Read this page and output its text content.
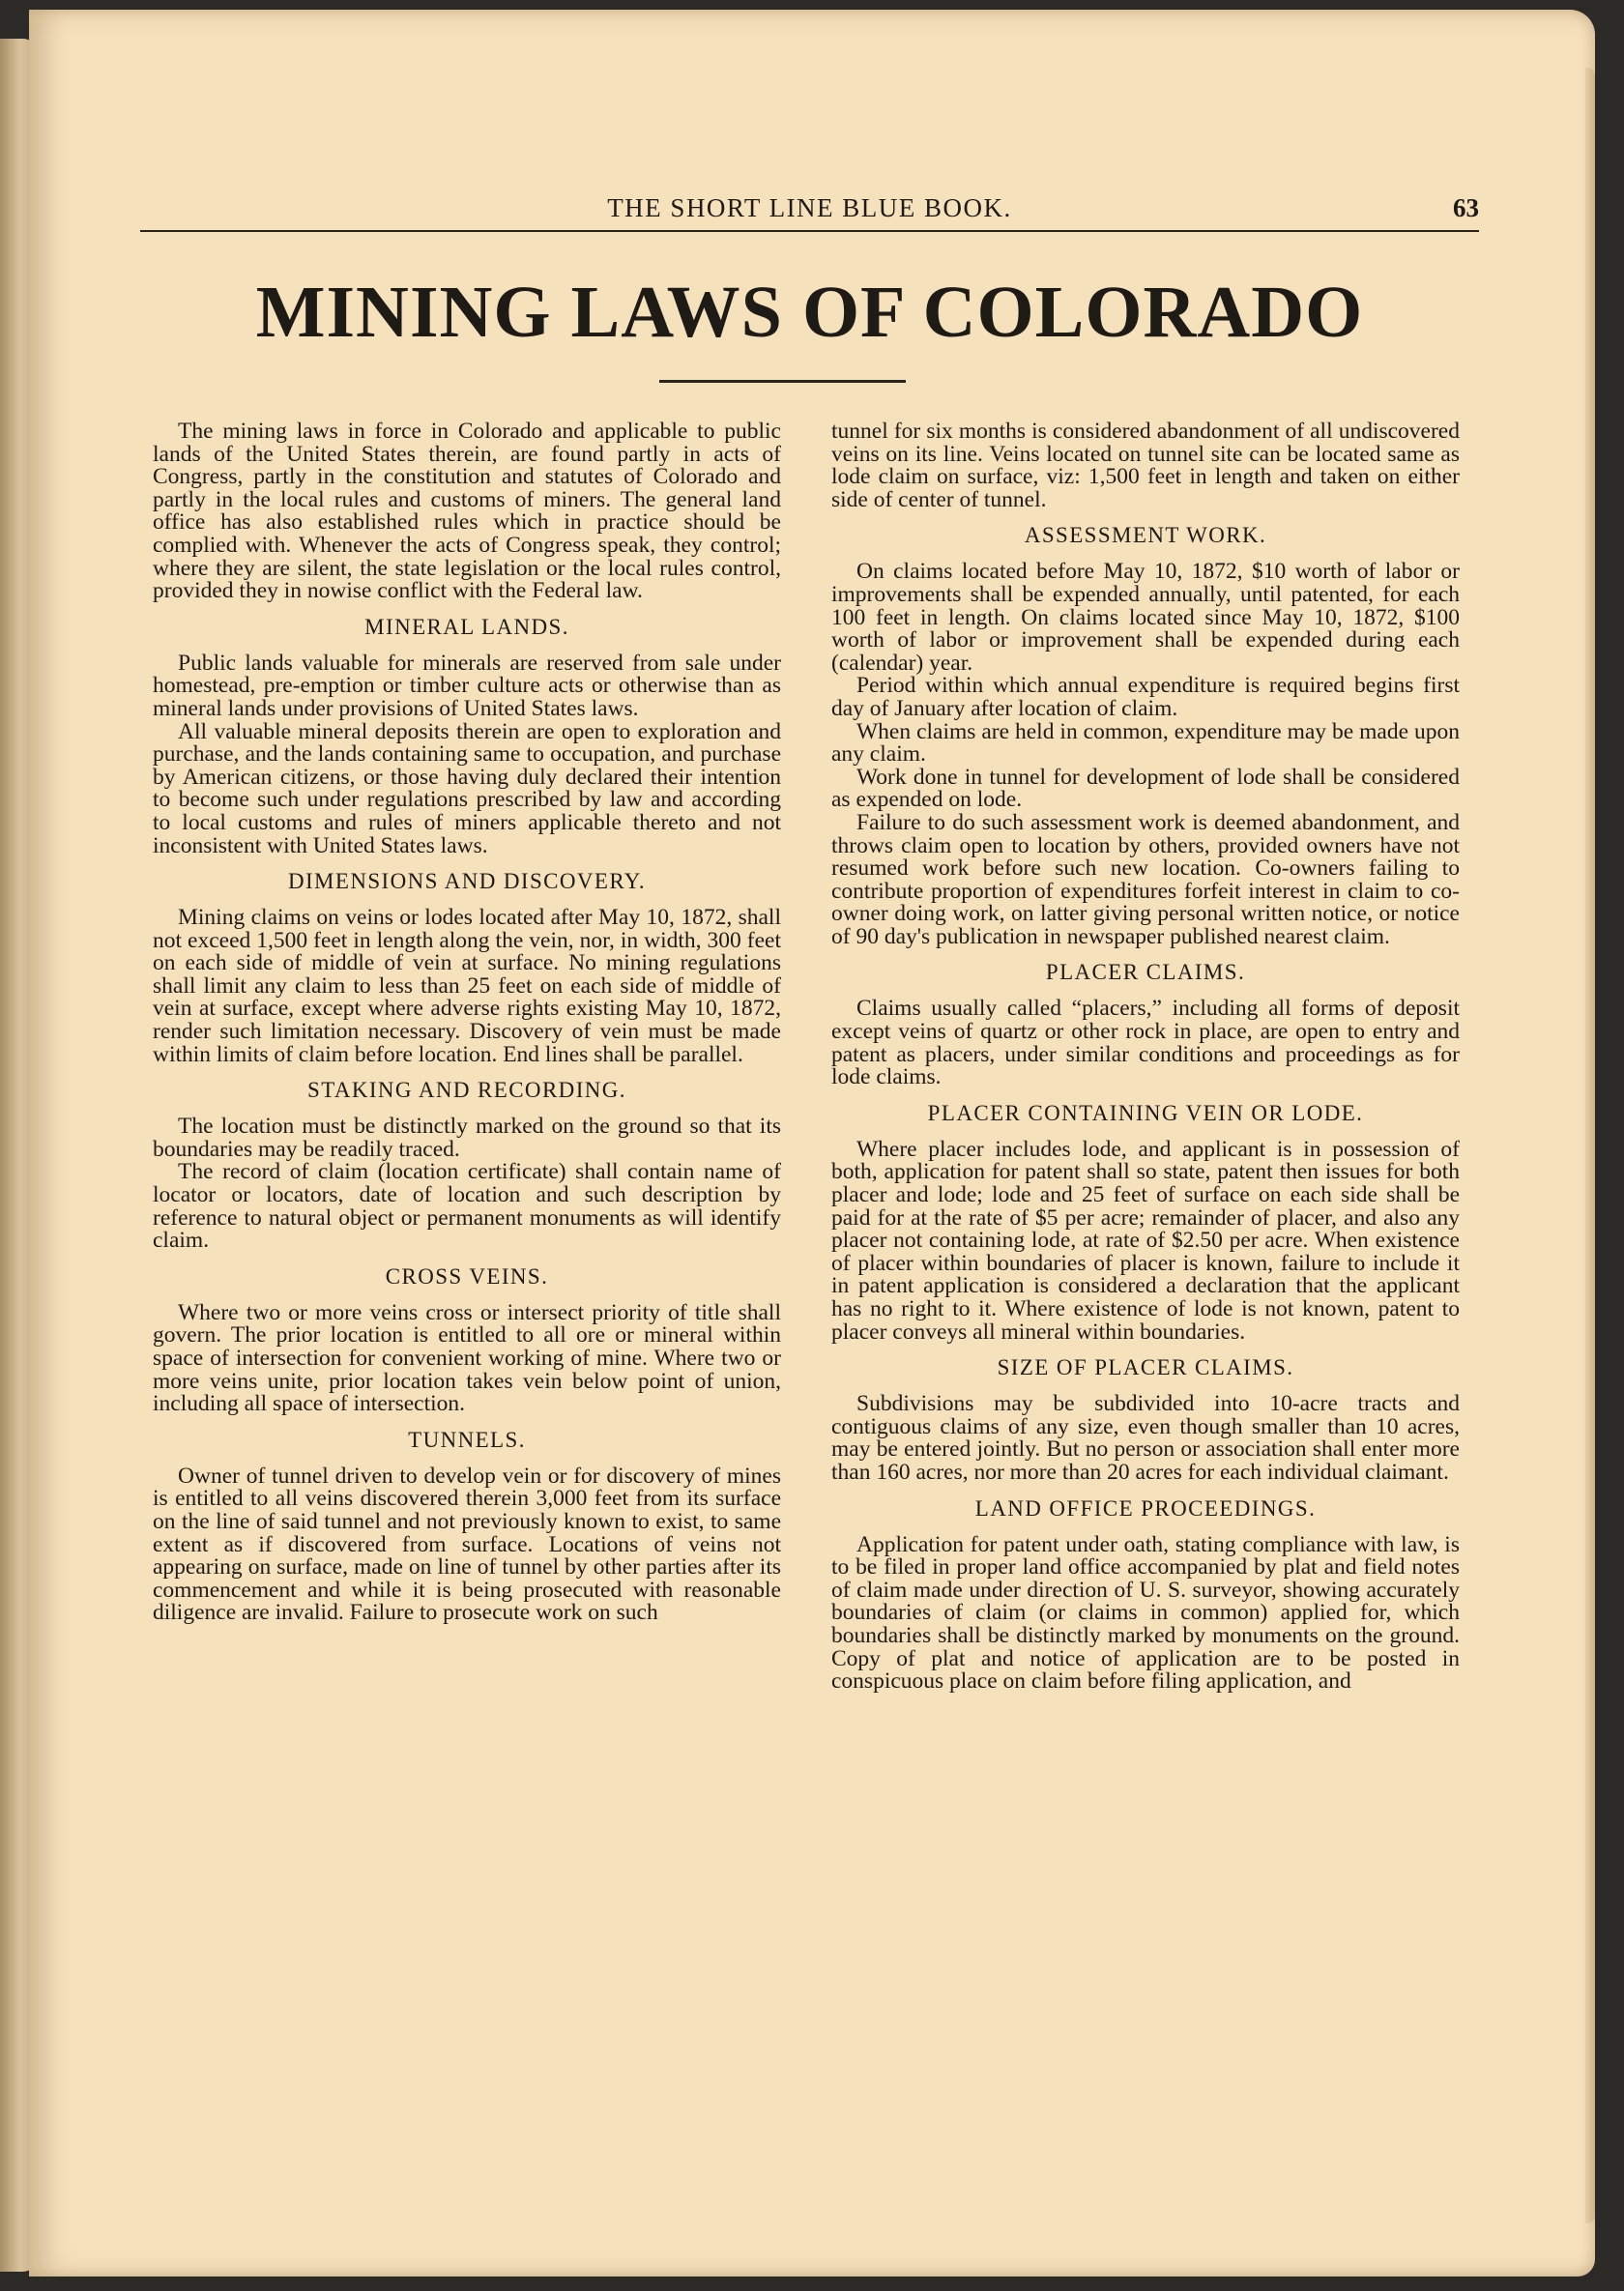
THE SHORT LINE BLUE BOOK.	63
MINING LAWS OF COLORADO

The mining laws in force in Colorado and applicable to public lands of the United States therein, are found partly in acts of Congress, partly in the constitution and statutes of Colorado and partly in the local rules and customs of miners. The general land office has also established rules which in practice should be complied with. Whenever the acts of Congress speak, they control; where they are silent, the state legislation or the local rules control, provided they in nowise conflict with the Federal law.

MINERAL LANDS.

Public lands valuable for minerals are reserved from sale under homestead, pre-emption or timber culture acts or otherwise than as mineral lands under provisions of United States laws.

All valuable mineral deposits therein are open to exploration and purchase, and the lands containing same to occupation, and purchase by American citizens, or those having duly declared their intention to become such under regulations prescribed by law and according to local customs and rules of miners applicable thereto and not inconsistent with United States laws.

DIMENSIONS AND DISCOVERY.

Mining claims on veins or lodes located after May 10, 1872, shall not exceed 1,500 feet in length along the vein, nor, in width, 300 feet on each side of middle of vein at surface. No mining regulations shall limit any claim to less than 25 feet on each side of middle of vein at surface, except where adverse rights existing May 10, 1872, render such limitation necessary. Discovery of vein must be made within limits of claim before location. End lines shall be parallel.

STAKING AND RECORDING.

The location must be distinctly marked on the ground so that its boundaries may be readily traced.

The record of claim (location certificate) shall contain name of locator or locators, date of location and such description by reference to natural object or permanent monuments as will identify claim.

CROSS VEINS.

Where two or more veins cross or intersect priority of title shall govern. The prior location is entitled to all ore or mineral within space of intersection for convenient working of mine. Where two or more veins unite, prior location takes vein below point of union, including all space of intersection.

TUNNELS.

Owner of tunnel driven to develop vein or for discovery of mines is entitled to all veins discovered therein 3,000 feet from its surface on the line of said tunnel and not previously known to exist, to same extent as if discovered from surface. Locations of veins not appearing on surface, made on line of tunnel by other parties after its commencement and while it is being prosecuted with reasonable diligence are invalid. Failure to prosecute work on such

tunnel for six months is considered abandonment of all undiscovered veins on its line. Veins located on tunnel site can be located same as lode claim on surface, viz: 1,500 feet in length and taken on either side of center of tunnel.

ASSESSMENT WORK.

On claims located before May 10, 1872, $10 worth of labor or improvements shall be expended annually, until patented, for each 100 feet in length. On claims located since May 10, 1872, $100 worth of labor or improvement shall be expended during each (calendar) year.

Period within which annual expenditure is required begins first day of January after location of claim.

When claims are held in common, expenditure may be made upon any claim.

Work done in tunnel for development of lode shall be considered as expended on lode.

Failure to do such assessment work is deemed abandonment, and throws claim open to location by others, provided owners have not resumed work before such new location. Co-owners failing to contribute proportion of expenditures forfeit interest in claim to co-owner doing work, on latter giving personal written notice, or notice of 90 day's publication in newspaper published nearest claim.

PLACER CLAIMS.

Claims usually called “placers,” including all forms of deposit except veins of quartz or other rock in place, are open to entry and patent as placers, under similar conditions and proceedings as for lode claims.

PLACER CONTAINING VEIN OR LODE.

Where placer includes lode, and applicant is in possession of both, application for patent shall so state, patent then issues for both placer and lode; lode and 25 feet of surface on each side shall be paid for at the rate of $5 per acre; remainder of placer, and also any placer not containing lode, at rate of $2.50 per acre. When existence of placer within boundaries of placer is known, failure to include it in patent application is considered a declaration that the applicant has no right to it. Where existence of lode is not known, patent to placer conveys all mineral within boundaries.

SIZE OF PLACER CLAIMS.

Subdivisions may be subdivided into 10-acre tracts and contiguous claims of any size, even though smaller than 10 acres, may be entered jointly. But no person or association shall enter more than 160 acres, nor more than 20 acres for each individual claimant.

LAND OFFICE PROCEEDINGS.

Application for patent under oath, stating compliance with law, is to be filed in proper land office accompanied by plat and field notes of claim made under direction of U. S. surveyor, showing accurately boundaries of claim (or claims in common) applied for, which boundaries shall be distinctly marked by monuments on the ground. Copy of plat and notice of application are to be posted in conspicuous place on claim before filing application, and
